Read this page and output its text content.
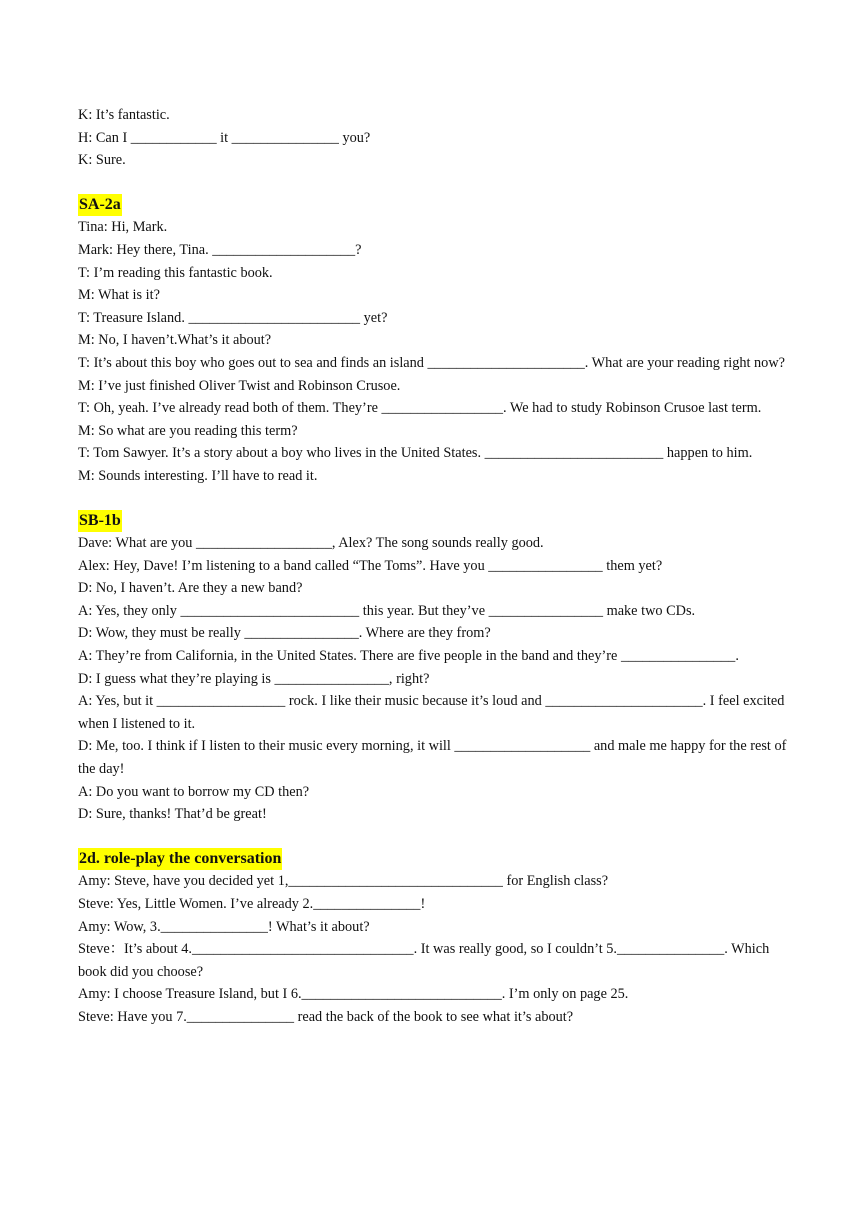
K: It’s fantastic.

H: Can I ____________ it _______________ you?

K: Sure.

SA-2a

Tina: Hi, Mark.

Mark: Hey there, Tina. ____________________?

T: I’m reading this fantastic book.

M: What is it?

T: Treasure Island. ________________________ yet?

M: No, I haven’t.What’s it about?

T: It’s about this boy who goes out to sea and finds an island ______________________. What are your reading right now?

M: I’ve just finished Oliver Twist and Robinson Crusoe.

T: Oh, yeah. I’ve already read both of them. They’re _________________. We had to study Robinson Crusoe last term.

M: So what are you reading this term?

T: Tom Sawyer. It’s a story about a boy who lives in the United States. _________________________ happen to him.

M: Sounds interesting. I’ll have to read it.

SB-1b

Dave: What are you ___________________, Alex? The song sounds really good.

Alex: Hey, Dave! I’m listening to a band called “The Toms”. Have you ________________ them yet?

D: No, I haven’t. Are they a new band?

A: Yes, they only _________________________ this year. But they’ve ________________ make two CDs.

D: Wow, they must be really ________________. Where are they from?

A: They’re from California, in the United States. There are five people in the band and they’re ________________.

D: I guess what they’re playing is ________________, right?

A: Yes, but it __________________ rock. I like their music because it’s loud and ______________________. I feel excited when I listened to it.

D: Me, too. I think if I listen to their music every morning, it will ___________________ and male me happy for the rest of the day!

A: Do you want to borrow my CD then?

D: Sure, thanks! That’d be great!

2d. role-play the conversation

Amy: Steve, have you decided yet 1,______________________________ for English class?

Steve: Yes, Little Women. I’ve already 2._______________!

Amy: Wow, 3._______________! What’s it about?

Steve：It’s about 4._______________________________. It was really good, so I couldn’t 5._______________. Which book did you choose?

Amy: I choose Treasure Island, but I 6.____________________________. I’m only on page 25.

Steve: Have you 7._______________ read the back of the book to see what it’s about?
